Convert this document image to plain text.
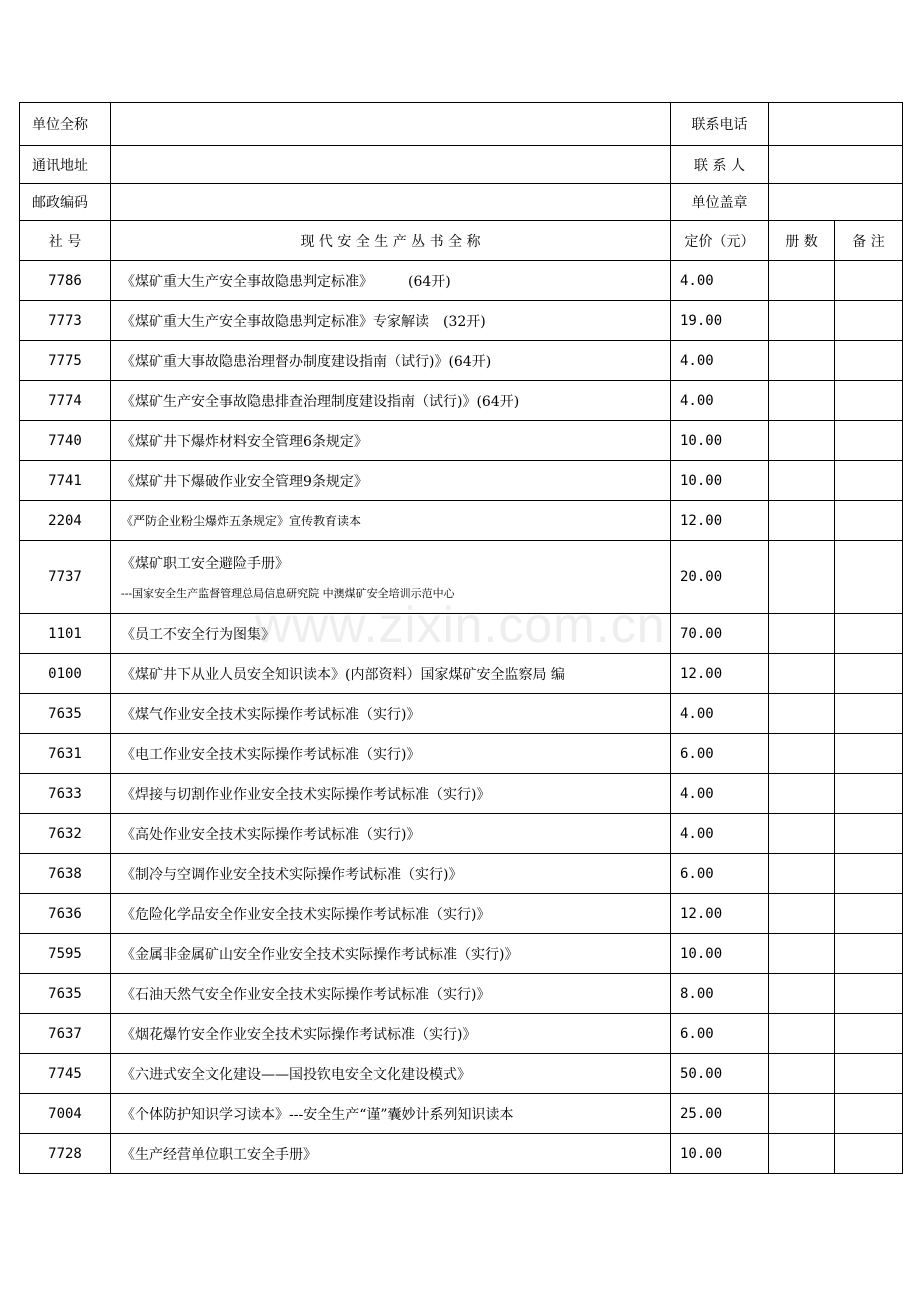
单位全称		联系电话		
通讯地址		联 系 人		
邮政编码		单位盖章		
社 号	现 代 安 全 生 产 丛 书 全 称	定价（元）	册 数	备 注
7786	《煤矿重大生产安全事故隐患判定标准》　　　(64开)	4.00		
7773	《煤矿重大生产安全事故隐患判定标准》专家解读　(32开)	19.00		
7775	《煤矿重大事故隐患治理督办制度建设指南（试行)》(64开)	4.00		
7774	《煤矿生产安全事故隐患排查治理制度建设指南（试行)》(64开)	4.00		
7740	《煤矿井下爆炸材料安全管理6条规定》	10.00		
7741	《煤矿井下爆破作业安全管理9条规定》	10.00		
2204	《严防企业粉尘爆炸五条规定》宣传教育读本	12.00		
7737	《煤矿职工安全避险手册》
---国家安全生产监督管理总局信息研究院 中澳煤矿安全培训示范中心	20.00		
1101	《员工不安全行为图集》	70.00		
0100	《煤矿井下从业人员安全知识读本》(内部资料）国家煤矿安全监察局 编	12.00		
7635	《煤气作业安全技术实际操作考试标准（实行)》	4.00		
7631	《电工作业安全技术实际操作考试标准（实行)》	6.00		
7633	《焊接与切割作业作业安全技术实际操作考试标准（实行)》	4.00		
7632	《高处作业安全技术实际操作考试标准（实行)》	4.00		
7638	《制冷与空调作业安全技术实际操作考试标准（实行)》	6.00		
7636	《危险化学品安全作业安全技术实际操作考试标准（实行)》	12.00		
7595	《金属非金属矿山安全作业安全技术实际操作考试标准（实行)》	10.00		
7635	《石油天然气安全作业安全技术实际操作考试标准（实行)》	8.00		
7637	《烟花爆竹安全作业安全技术实际操作考试标准（实行)》	6.00		
7745	《六进式安全文化建设——国投钦电安全文化建设模式》	50.00		
7004	《个体防护知识学习读本》---安全生产“谨”囊妙计系列知识读本	25.00		
7728	《生产经营单位职工安全手册》	10.00		
www.zixin.com.cn
